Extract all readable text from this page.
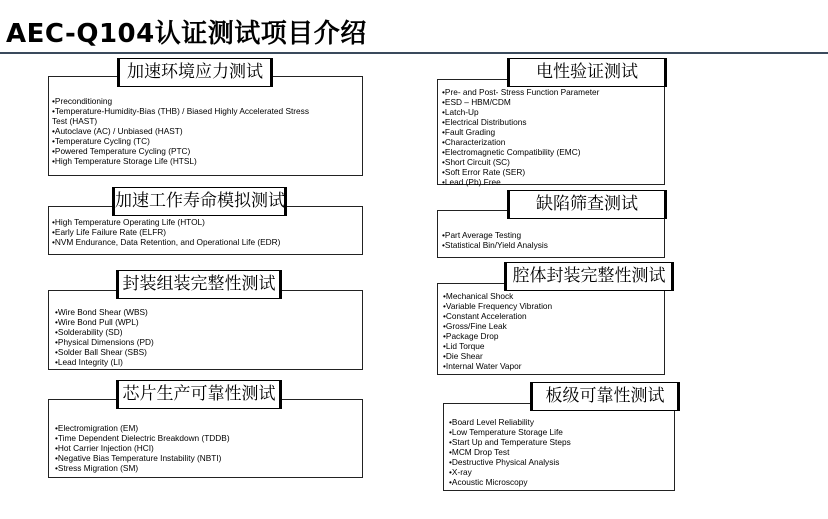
AEC-Q104认证测试项目介绍
•Preconditioning
•Temperature-Humidity-Bias (THB) / Biased Highly Accelerated Stress Test (HAST)
•Autoclave (AC) / Unbiased (HAST)
•Temperature Cycling (TC)
•Powered Temperature Cycling (PTC)
•High Temperature Storage Life (HTSL)
加速环境应力测试
•High Temperature Operating Life (HTOL)
•Early Life Failure Rate (ELFR)
•NVM Endurance, Data Retention, and Operational Life (EDR)
加速工作寿命模拟测试
•Wire Bond Shear (WBS)
•Wire Bond Pull (WPL)
•Solderability (SD)
•Physical Dimensions (PD)
•Solder Ball Shear (SBS)
•Lead Integrity (LI)
封装组装完整性测试
•Electromigration (EM)
•Time Dependent Dielectric Breakdown (TDDB)
•Hot Carrier Injection (HCI)
•Negative Bias Temperature Instability (NBTI)
•Stress Migration (SM)
芯片生产可靠性测试
•Pre- and Post- Stress Function Parameter
•ESD – HBM/CDM
•Latch-Up
•Electrical Distributions
•Fault Grading
•Characterization
•Electromagnetic Compatibility (EMC)
•Short Circuit (SC)
•Soft Error Rate (SER)
•Lead (Pb) Free
电性验证测试
•Part Average Testing
•Statistical Bin/Yield Analysis
缺陷筛查测试
•Mechanical Shock
•Variable Frequency Vibration
•Constant Acceleration
•Gross/Fine Leak
•Package Drop
•Lid Torque
•Die Shear
•Internal Water Vapor
腔体封装完整性测试
•Board Level Reliability
•Low Temperature Storage Life
•Start Up and Temperature Steps
•MCM Drop Test
•Destructive Physical Analysis
•X-ray
•Acoustic Microscopy
板级可靠性测试
